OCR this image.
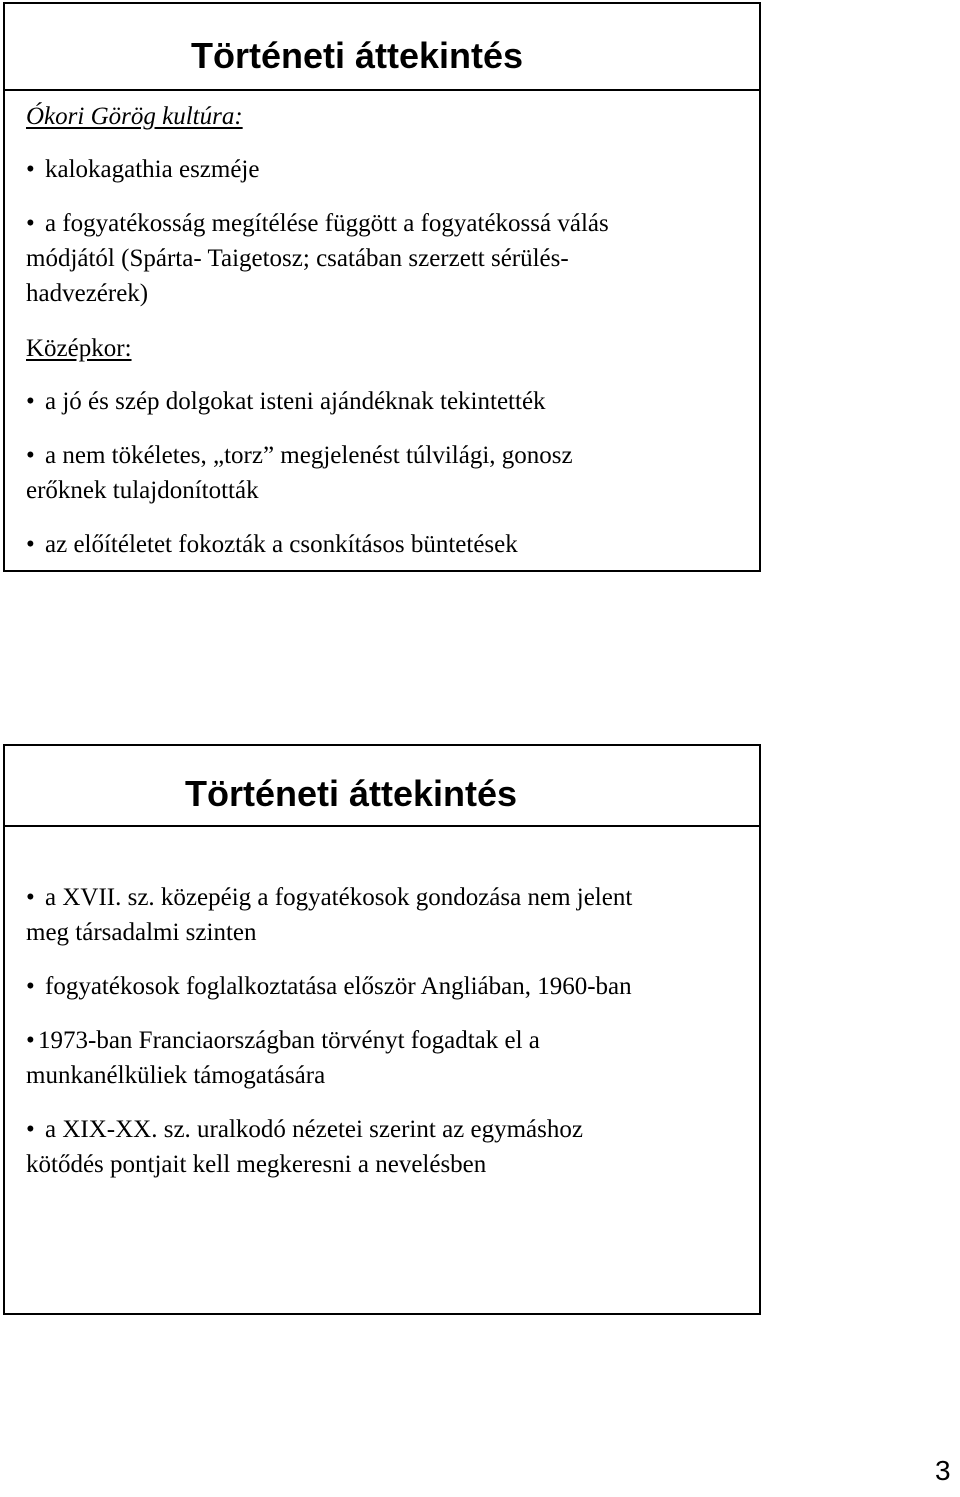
Történeti áttekintés
Ókori Görög kultúra:
• kalokagathia eszméje
• a fogyatékosság megítélése függött a fogyatékossá válás
módjától (Spárta- Taigetosz; csatában szerzett sérülés-
hadvezérek)
Középkor:
• a jó és szép dolgokat isteni ajándéknak tekintették
• a nem tökéletes, „torz” megjelenést túlvilági, gonosz
erőknek tulajdonították
• az előítéletet fokozták a csonkításos büntetések
Történeti áttekintés
• a XVII. sz. közepéig a fogyatékosok gondozása nem jelent
meg társadalmi szinten
• fogyatékosok foglalkoztatása először Angliában, 1960-ban
• 1973-ban Franciaországban törvényt fogadtak el a
munkanélküliek támogatására
• a XIX-XX. sz. uralkodó nézetei szerint az egymáshoz
kötődés pontjait kell megkeresni a nevelésben
3
